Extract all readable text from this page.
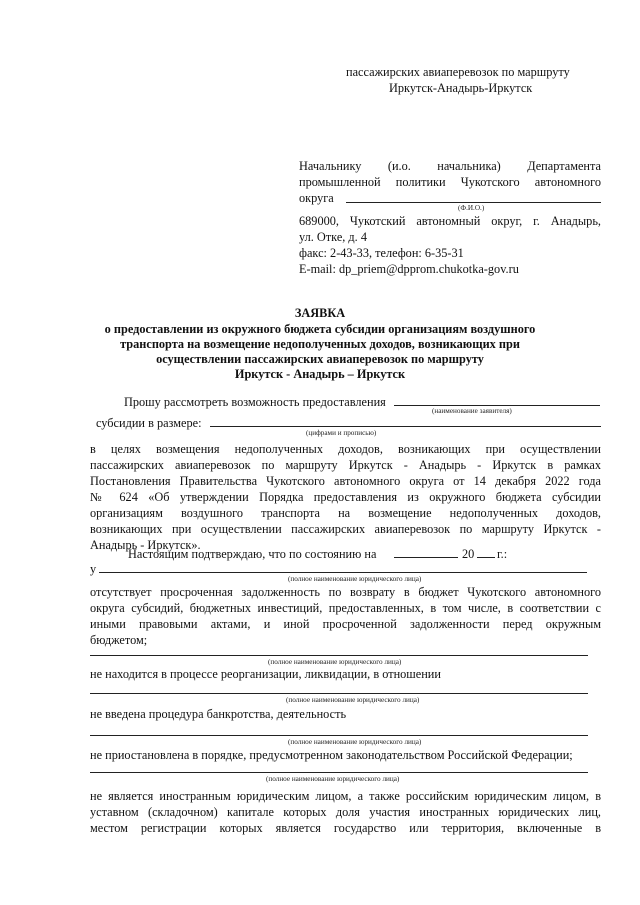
пассажирских авиаперевозок по маршруту
Иркутск-Анадырь-Иркутск
Начальнику (и.о. начальника) Департамента
промышленной политики Чукотского автономного
округа
(Ф.И.О.)
689000, Чукотский автономный округ, г. Анадырь,
ул. Отке, д. 4
факс: 2-43-33, телефон: 6-35-31
E-mail: dp_priem@dpprom.chukotka-gov.ru
ЗАЯВКА
о предоставлении из окружного бюджета субсидии организациям воздушного
транспорта на возмещение недополученных доходов, возникающих при
осуществлении пассажирских авиаперевозок по маршруту
Иркутск - Анадырь – Иркутск
Прошу рассмотреть возможность предоставления
(наименование заявителя)
субсидии в размере:
(цифрами и прописью)
в целях возмещения недополученных доходов, возникающих при осуществлении
пассажирских авиаперевозок по маршруту Иркутск - Анадырь - Иркутск в рамках
Постановления Правительства Чукотского автономного округа от 14 декабря 2022 года
№ 624 «Об утверждении Порядка предоставления из окружного бюджета субсидии
организациям воздушного транспорта на возмещение недополученных доходов,
возникающих при осуществлении пассажирских авиаперевозок по маршруту Иркутск -
Анадырь - Иркутск».
Настоящим подтверждаю, что по состоянию на	20 г.:
у
(полное наименование юридического лица)
отсутствует просроченная задолженность по возврату в бюджет Чукотского автономного
округа субсидий, бюджетных инвестиций, предоставленных, в том числе, в соответствии с
иными правовыми актами, и иной просроченной задолженности перед окружным
бюджетом;
(полное наименование юридического лица)
не находится в процессе реорганизации, ликвидации, в отношении
(полное наименование юридического лица)
не введена процедура банкротства, деятельность
(полное наименование юридического лица)
не приостановлена в порядке, предусмотренном законодательством Российской Федерации;
(полное наименование юридического лица)
не является иностранным юридическим лицом, а также российским юридическим лицом, в
уставном (складочном) капитале которых доля участия иностранных юридических лиц,
местом регистрации которых является государство или территория, включенные в
